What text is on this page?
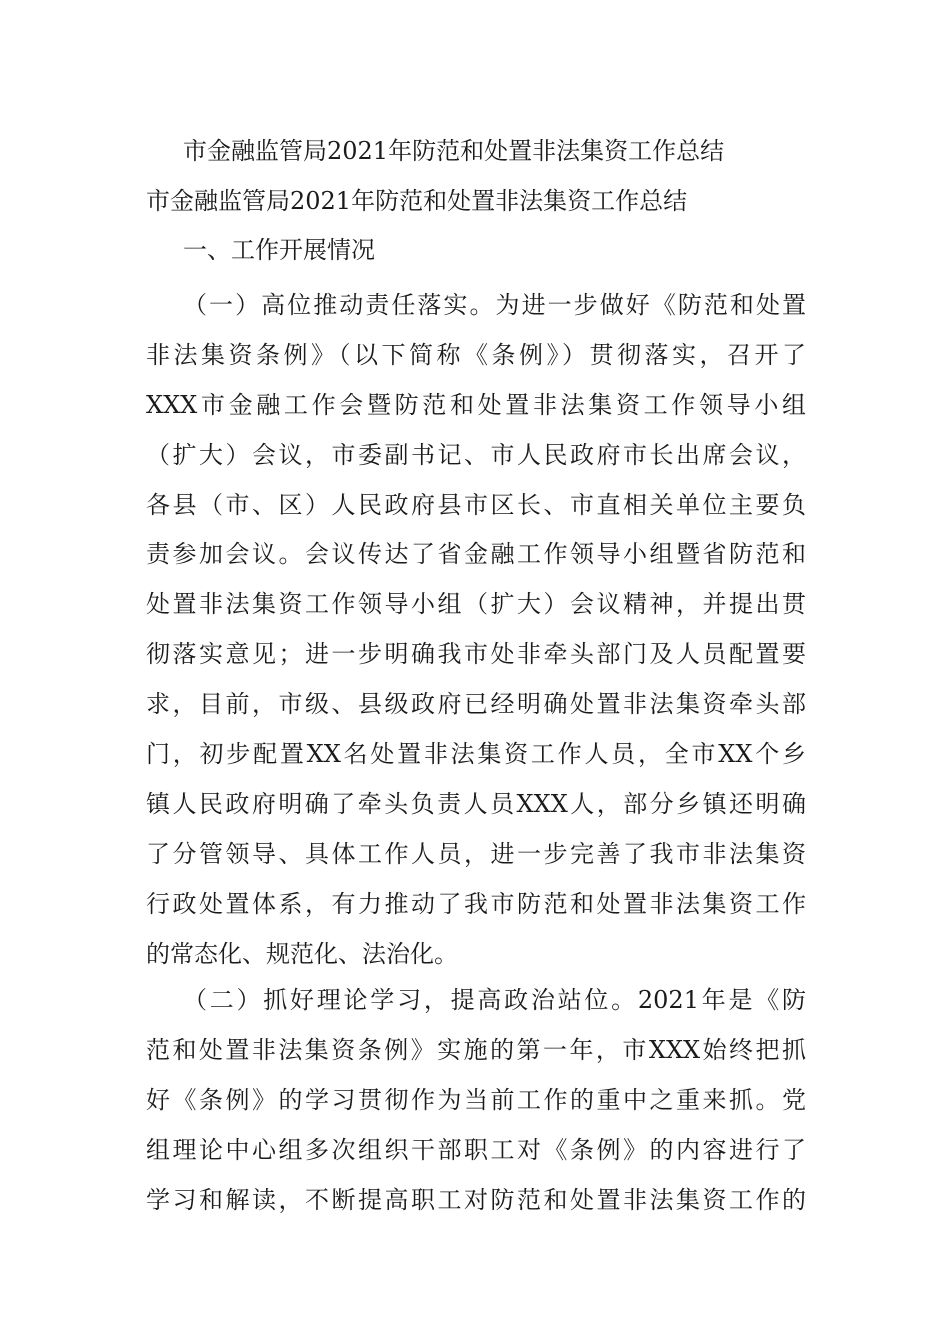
市金融监管局2021年防范和处置非法集资工作总结
市金融监管局2021年防范和处置非法集资工作总结
一、工作开展情况

（一）高位推动责任落实。为进一步做好《防范和处置
非法集资条例》（以下简称《条例》）贯彻落实，召开了
XXX市金融工作会暨防范和处置非法集资工作领导小组
（扩大）会议，市委副书记、市人民政府市长出席会议，
各县（市、区）人民政府县市区长、市直相关单位主要负
责参加会议。会议传达了省金融工作领导小组暨省防范和
处置非法集资工作领导小组（扩大）会议精神，并提出贯
彻落实意见；进一步明确我市处非牵头部门及人员配置要
求，目前，市级、县级政府已经明确处置非法集资牵头部
门，初步配置XX名处置非法集资工作人员，全市XX个乡
镇人民政府明确了牵头负责人员XXX人，部分乡镇还明确
了分管领导、具体工作人员，进一步完善了我市非法集资
行政处置体系，有力推动了我市防范和处置非法集资工作
的常态化、规范化、法治化。

（二）抓好理论学习，提高政治站位。2021年是《防
范和处置非法集资条例》实施的第一年，市XXX始终把抓
好《条例》的学习贯彻作为当前工作的重中之重来抓。党
组理论中心组多次组织干部职工对《条例》的内容进行了
学习和解读，不断提高职工对防范和处置非法集资工作的
